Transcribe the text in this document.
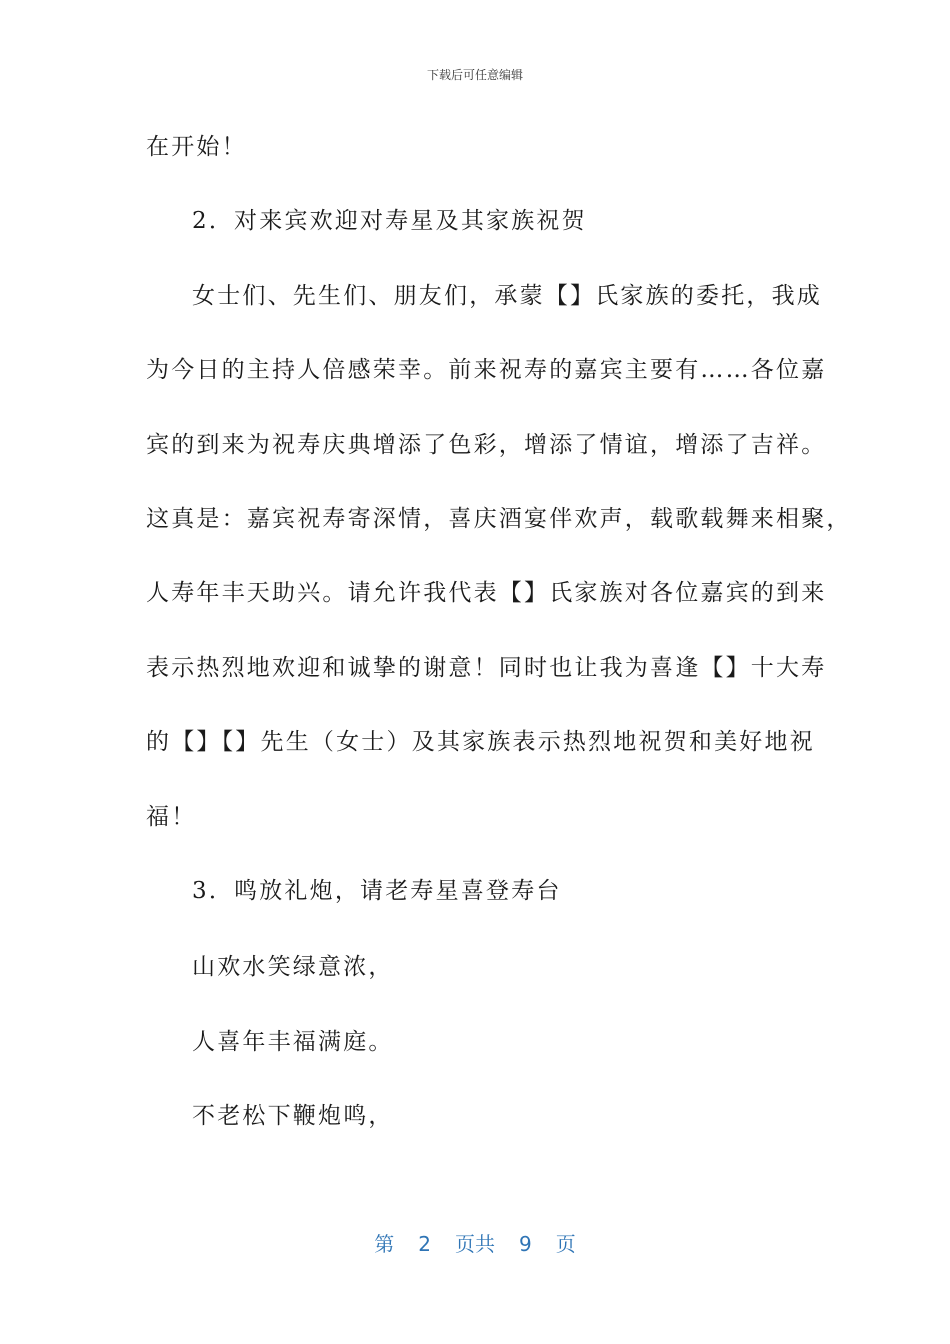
下载后可任意编辑
在开始！
2．对来宾欢迎对寿星及其家族祝贺
女士们、先生们、朋友们，承蒙【】氏家族的委托，我成
为今日的主持人倍感荣幸。前来祝寿的嘉宾主要有……各位嘉
宾的到来为祝寿庆典增添了色彩，增添了情谊，增添了吉祥。
这真是：嘉宾祝寿寄深情，喜庆酒宴伴欢声，载歌载舞来相聚，
人寿年丰天助兴。请允许我代表【】氏家族对各位嘉宾的到来
表示热烈地欢迎和诚挚的谢意！同时也让我为喜逢【】十大寿
的【】【】先生（女士）及其家族表示热烈地祝贺和美好地祝
福！
3．鸣放礼炮，请老寿星喜登寿台
山欢水笑绿意浓，
人喜年丰福满庭。
不老松下鞭炮鸣，
第 2 页共 9 页
